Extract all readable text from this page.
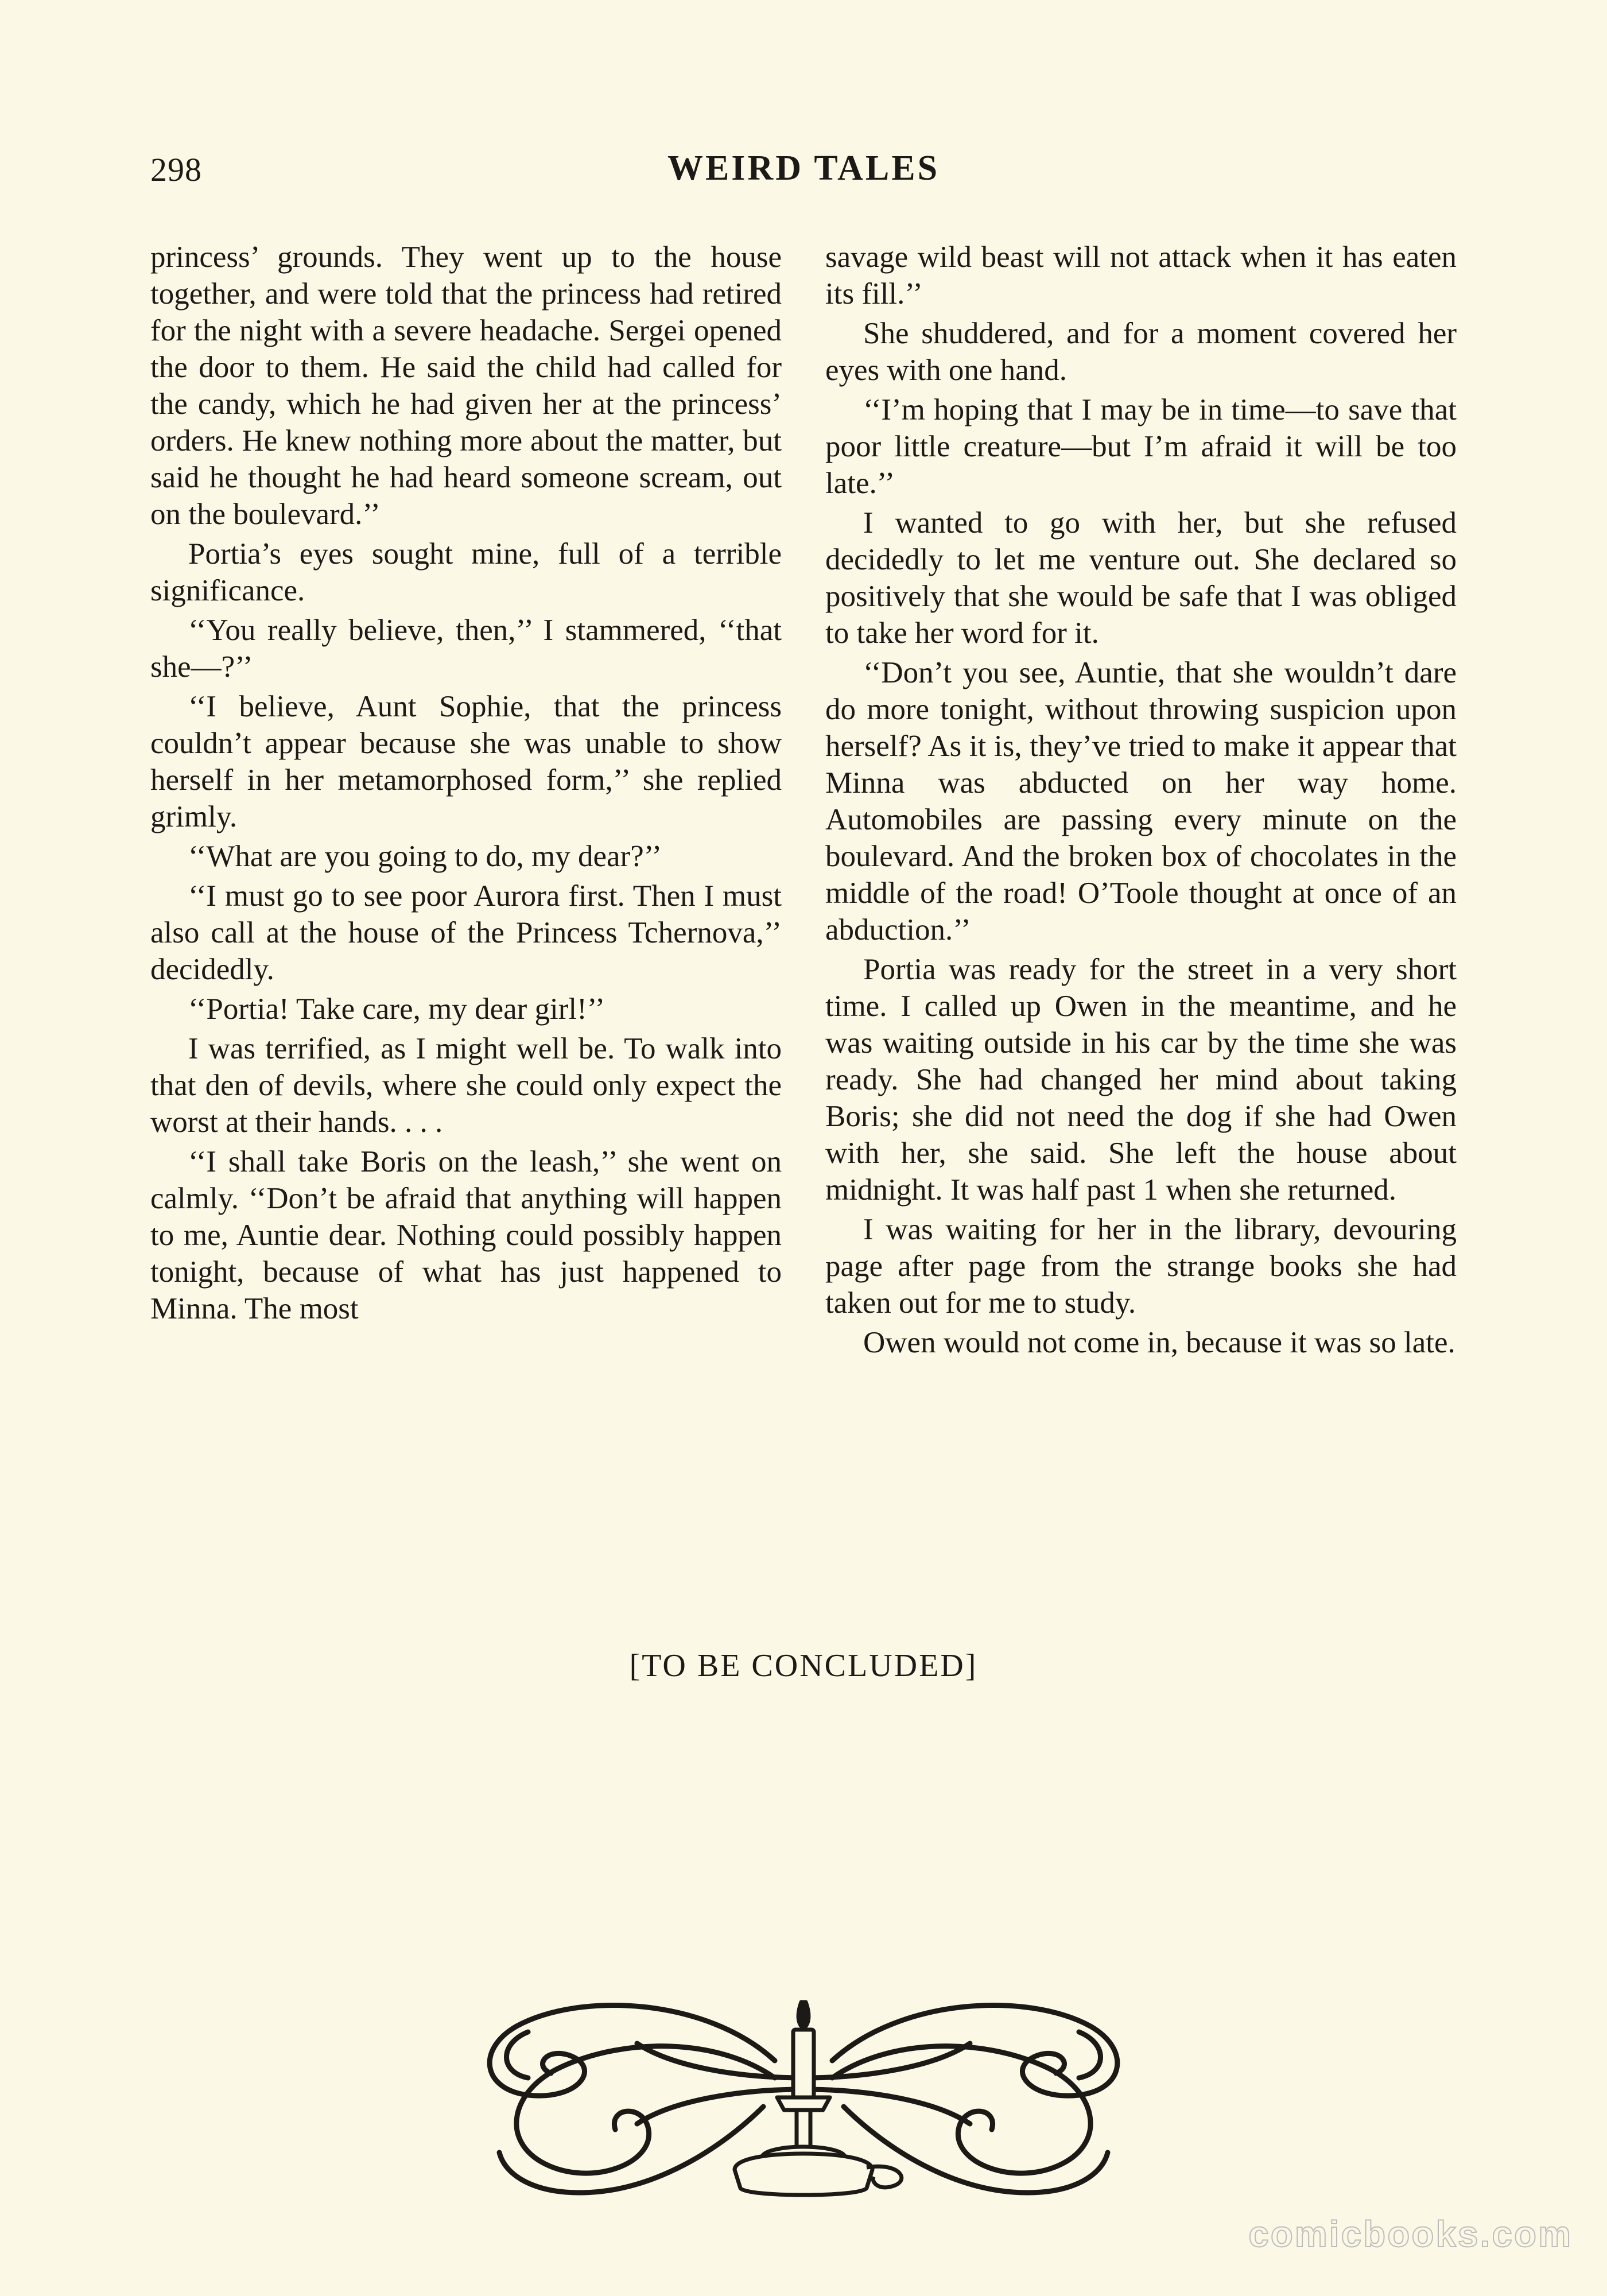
298	WEIRD TALES

princess’ grounds. They went up to the house together, and were told that the princess had retired for the night with a severe headache. Sergei opened the door to them. He said the child had called for the candy, which he had given her at the princess’ orders. He knew nothing more about the matter, but said he thought he had heard someone scream, out on the boulevard.’’

Portia’s eyes sought mine, full of a terrible significance.

‘‘You really believe, then,’’ I stammered, ‘‘that she—?’’

‘‘I believe, Aunt Sophie, that the princess couldn’t appear because she was unable to show herself in her metamorphosed form,’’ she replied grimly.

‘‘What are you going to do, my dear?’’

‘‘I must go to see poor Aurora first. Then I must also call at the house of the Princess Tchernova,’’ decidedly.

‘‘Portia! Take care, my dear girl!’’

I was terrified, as I might well be. To walk into that den of devils, where she could only expect the worst at their hands. . . .

‘‘I shall take Boris on the leash,’’ she went on calmly. ‘‘Don’t be afraid that anything will happen to me, Auntie dear. Nothing could possibly happen tonight, because of what has just happened to Minna. The most

savage wild beast will not attack when it has eaten its fill.’’

She shuddered, and for a moment covered her eyes with one hand.

‘‘I’m hoping that I may be in time—to save that poor little creature—but I’m afraid it will be too late.’’

I wanted to go with her, but she refused decidedly to let me venture out. She declared so positively that she would be safe that I was obliged to take her word for it.

‘‘Don’t you see, Auntie, that she wouldn’t dare do more tonight, without throwing suspicion upon herself? As it is, they’ve tried to make it appear that Minna was abducted on her way home. Automobiles are passing every minute on the boulevard. And the broken box of chocolates in the middle of the road! O’Toole thought at once of an abduction.’’

Portia was ready for the street in a very short time. I called up Owen in the meantime, and he was waiting outside in his car by the time she was ready. She had changed her mind about taking Boris; she did not need the dog if she had Owen with her, she said. She left the house about midnight. It was half past 1 when she returned.

I was waiting for her in the library, devouring page after page from the strange books she had taken out for me to study.

Owen would not come in, because it was so late.

[TO BE CONCLUDED]
comicbooks.com
